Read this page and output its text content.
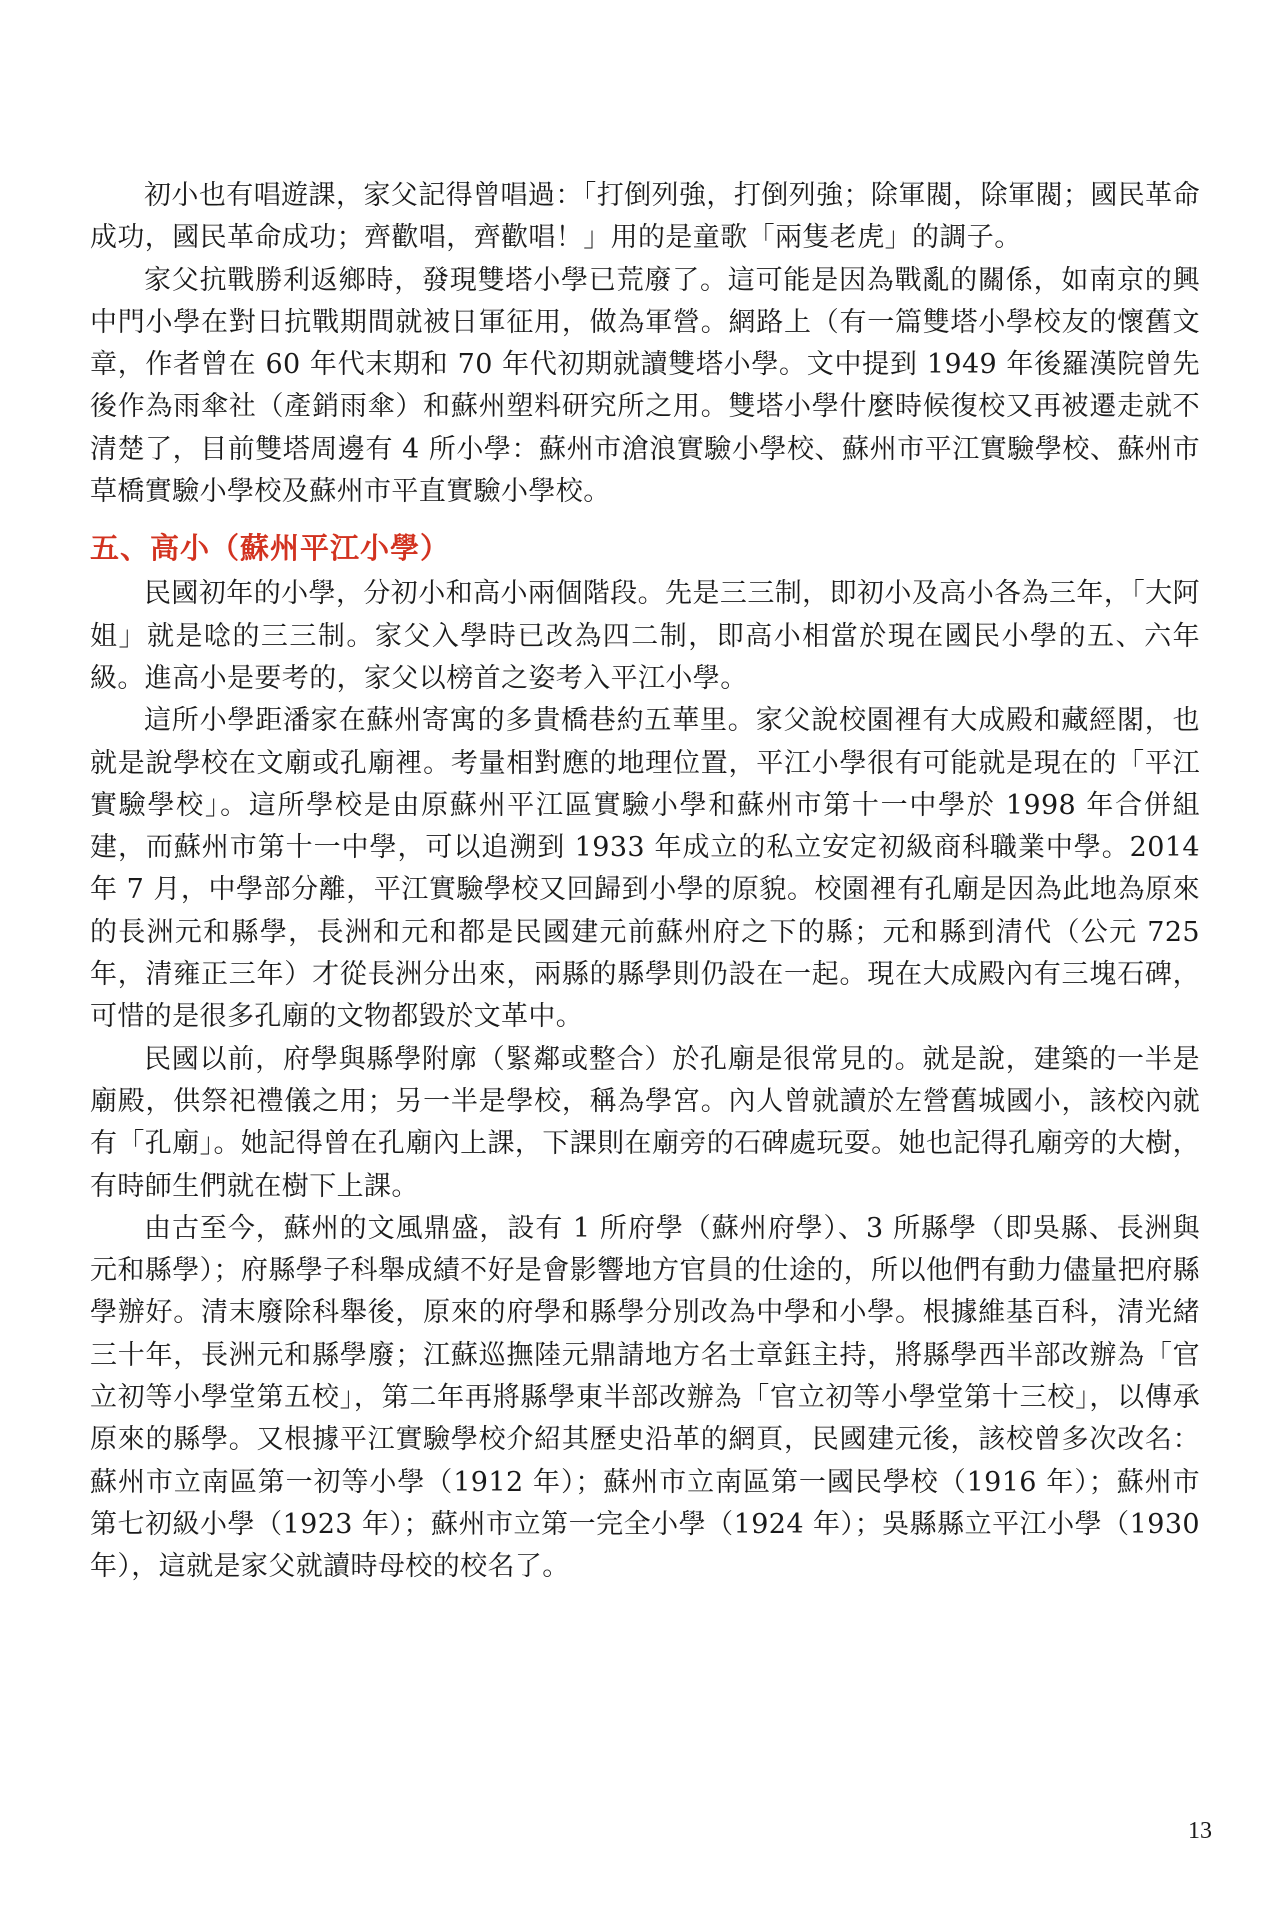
初小也有唱遊課，家父記得曾唱過：「打倒列強，打倒列強；除軍閥，除軍閥；國民革命成功，國民革命成功；齊歡唱，齊歡唱！」用的是童歌「兩隻老虎」的調子。

家父抗戰勝利返鄉時，發現雙塔小學已荒廢了。這可能是因為戰亂的關係，如南京的興中門小學在對日抗戰期間就被日軍征用，做為軍營。網路上（有一篇雙塔小學校友的懷舊文章，作者曾在 60 年代末期和 70 年代初期就讀雙塔小學。文中提到 1949 年後羅漢院曾先後作為雨傘社（產銷雨傘）和蘇州塑料研究所之用。雙塔小學什麼時候復校又再被遷走就不清楚了，目前雙塔周邊有 4 所小學：蘇州市滄浪實驗小學校、蘇州市平江實驗學校、蘇州市草橋實驗小學校及蘇州市平直實驗小學校。

五、高小（蘇州平江小學）

民國初年的小學，分初小和高小兩個階段。先是三三制，即初小及高小各為三年，「大阿姐」就是唸的三三制。家父入學時已改為四二制，即高小相當於現在國民小學的五、六年級。進高小是要考的，家父以榜首之姿考入平江小學。

這所小學距潘家在蘇州寄寓的多貴橋巷約五華里。家父說校園裡有大成殿和藏經閣，也就是說學校在文廟或孔廟裡。考量相對應的地理位置，平江小學很有可能就是現在的「平江實驗學校」。這所學校是由原蘇州平江區實驗小學和蘇州市第十一中學於 1998 年合併組建，而蘇州市第十一中學，可以追溯到 1933 年成立的私立安定初級商科職業中學。2014 年 7 月，中學部分離，平江實驗學校又回歸到小學的原貌。校園裡有孔廟是因為此地為原來的長洲元和縣學，長洲和元和都是民國建元前蘇州府之下的縣；元和縣到清代（公元 725 年，清雍正三年）才從長洲分出來，兩縣的縣學則仍設在一起。現在大成殿內有三塊石碑，可惜的是很多孔廟的文物都毀於文革中。

民國以前，府學與縣學附廓（緊鄰或整合）於孔廟是很常見的。就是說，建築的一半是廟殿，供祭祀禮儀之用；另一半是學校，稱為學宮。內人曾就讀於左營舊城國小，該校內就有「孔廟」。她記得曾在孔廟內上課，下課則在廟旁的石碑處玩耍。她也記得孔廟旁的大樹，有時師生們就在樹下上課。

由古至今，蘇州的文風鼎盛，設有 1 所府學（蘇州府學）、3 所縣學（即吳縣、長洲與元和縣學）；府縣學子科舉成績不好是會影響地方官員的仕途的，所以他們有動力儘量把府縣學辦好。清末廢除科舉後，原來的府學和縣學分別改為中學和小學。根據維基百科，清光緒三十年，長洲元和縣學廢；江蘇巡撫陸元鼎請地方名士章鈺主持，將縣學西半部改辦為「官立初等小學堂第五校」，第二年再將縣學東半部改辦為「官立初等小學堂第十三校」，以傳承原來的縣學。又根據平江實驗學校介紹其歷史沿革的網頁，民國建元後，該校曾多次改名：蘇州市立南區第一初等小學（1912 年）；蘇州市立南區第一國民學校（1916 年）；蘇州市第七初級小學（1923 年）；蘇州市立第一完全小學（1924 年）；吳縣縣立平江小學（1930 年），這就是家父就讀時母校的校名了。

13
